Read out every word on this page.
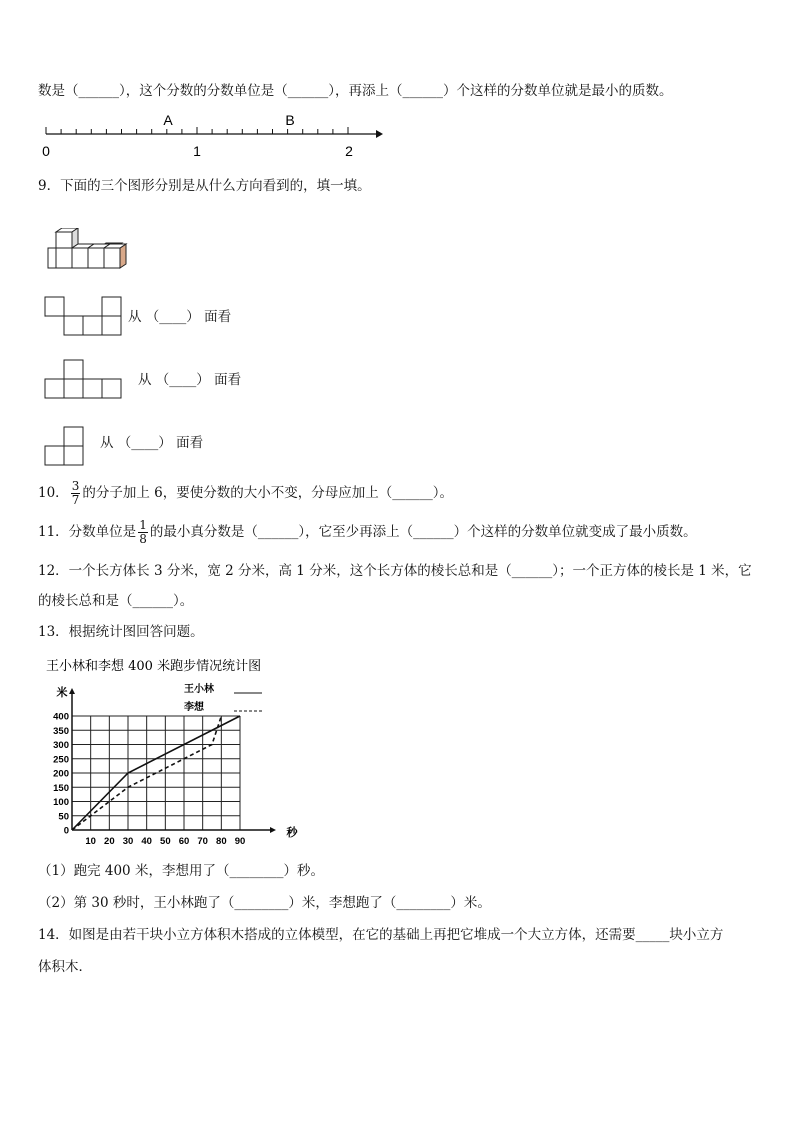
数是（______），这个分数的分数单位是（______），再添上（______）个这样的分数单位就是最小的质数。
A	B
0	1	2
9．下面的三个图形分别是从什么方向看到的，填一填。
从 （____） 面看
从 （____） 面看
从 （____） 面看
10． $\frac{3}{7}$ 的分子加上 6，要使分数的大小不变，分母应加上（______）。
11．分数单位是 $\frac{1}{8}$ 的最小真分数是（______），它至少再添上（______）个这样的分数单位就变成了最小质数。
12．一个长方体长 3 分米，宽 2 分米，高 1 分米，这个长方体的棱长总和是（______）；一个正方体的棱长是 1 米，它
的棱长总和是（______）。
13．根据统计图回答问题。
王小林和李想 400 米跑步情况统计图
米
秒
0
50
100
150
200
250
300
350
400
10 20 30 40 50 60 70 80 90
王小林
李想
（1）跑完 400 米，李想用了（________）秒。
（2）第 30 秒时，王小林跑了（________）米，李想跑了（________）米。
14．如图是由若干块小立方体积木搭成的立体模型，在它的基础上再把它堆成一个大立方体，还需要_____块小立方
体积木．
